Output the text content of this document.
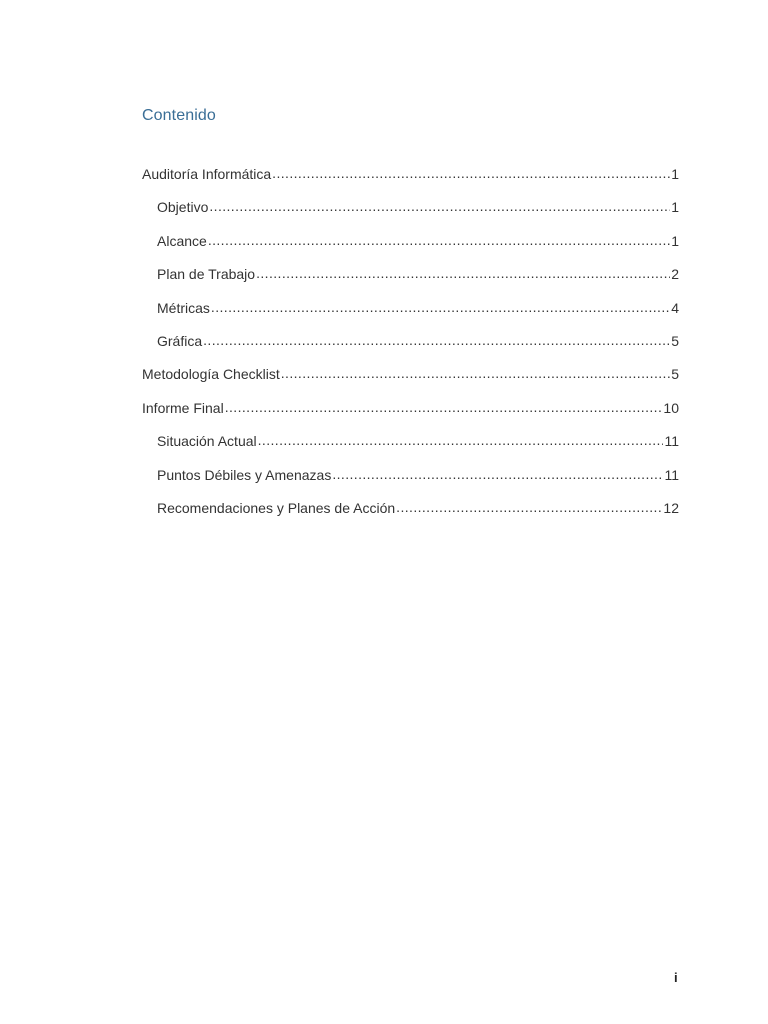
Contenido
Auditoría Informática .....	1
Objetivo .....	1
Alcance .....	1
Plan de Trabajo .....	2
Métricas .....	4
Gráfica .....	5
Metodología Checklist .....	5
Informe Final .....	10
Situación Actual .....	11
Puntos Débiles y Amenazas .....	11
Recomendaciones y Planes de Acción .....	12
i
